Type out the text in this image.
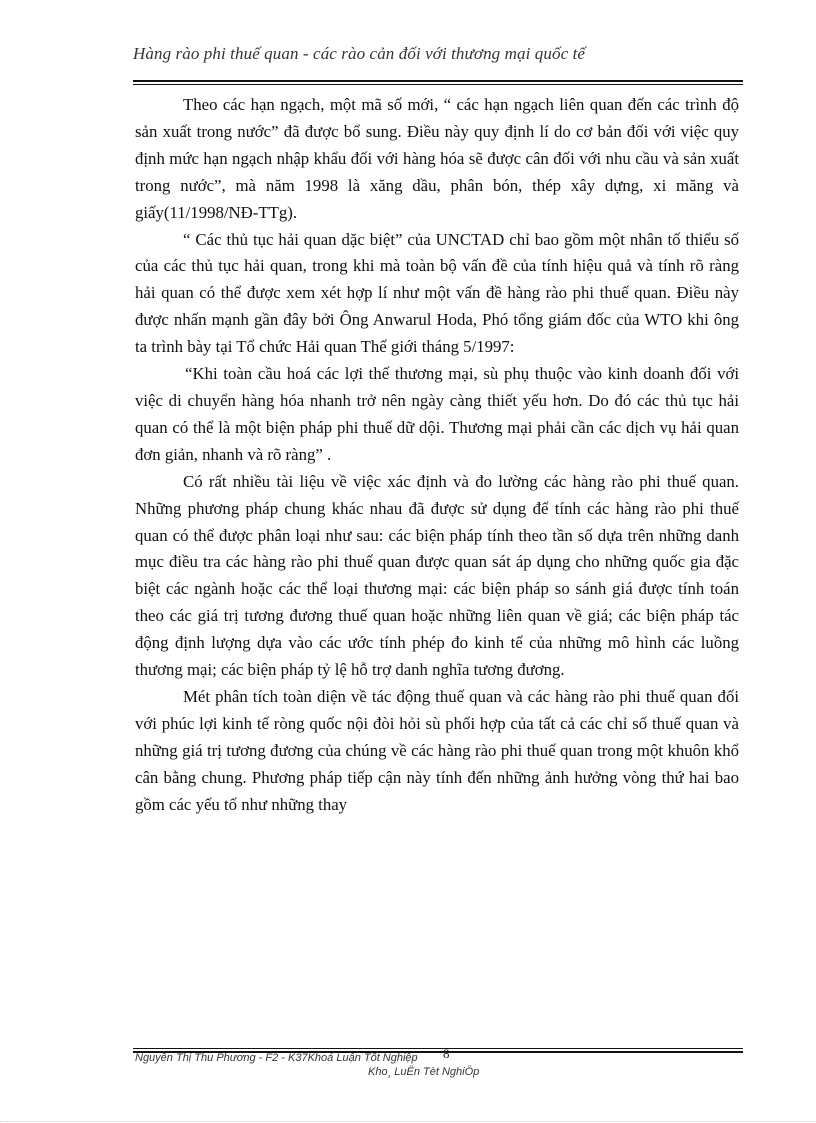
Hàng rào phi thuế quan - các rào cản đối với thương mại quốc tế

Theo các hạn ngạch, một mã số mới, “ các hạn ngạch liên quan đến các trình độ sản xuất trong nước” đã được bổ sung. Điều này quy định lí do cơ bản đối với việc quy định mức hạn ngạch nhập khẩu đối với hàng hóa sẽ được cân đối với nhu cầu và sản xuất trong nước”, mà năm 1998 là xăng dầu, phân bón, thép xây dựng, xi măng và giấy(11/1998/NĐ-TTg).

“ Các thủ tục hải quan dặc biệt” của UNCTAD chỉ bao gồm một nhân tố thiểu số của các thủ tục hải quan, trong khi mà toàn bộ vấn đề của tính hiệu quả và tính rõ ràng hải quan có thể được xem xét hợp lí như một vấn đề hàng rào phi thuế quan. Điều này được nhấn mạnh gần đây bởi Ông Anwarul Hoda, Phó tổng giám đốc của WTO khi ông ta trình bày tại Tổ chức Hải quan Thế giới tháng 5/1997:

“Khi toàn cầu hoá các lợi thế thương mại, sù phụ thuộc vào kinh doanh đối với việc di chuyển hàng hóa nhanh trở nên ngày càng thiết yếu hơn. Do đó các thủ tục hải quan có thể là một biện pháp phi thuế dữ dội. Thương mại phải cần các dịch vụ hải quan đơn giản, nhanh và rõ ràng” .

Có rất nhiều tài liệu về việc xác định và đo lường các hàng rào phi thuế quan. Những phương pháp chung khác nhau đã được sử dụng để tính các hàng rào phi thuế quan có thể được phân loại như sau: các biện pháp tính theo tần số dựa trên những danh mục điều tra các hàng rào phi thuế quan được quan sát áp dụng cho những quốc gia đặc biệt các ngành hoặc các thể loại thương mại: các biện pháp so sánh giá được tính toán theo các giá trị tương đương thuế quan hoặc những liên quan về giá; các biện pháp tác động định lượng dựa vào các ước tính phép đo kinh tế của những mô hình các luồng thương mại; các biện pháp tỷ lệ hỗ trợ danh nghĩa tương đương.

Mét phân tích toàn diện về tác động thuế quan và các hàng rào phi thuế quan đối với phúc lợi kinh tế ròng quốc nội đòi hỏi sù phối hợp của tất cả các chỉ số thuế quan và những giá trị tương đương của chúng về các hàng rào phi thuế quan trong một khuôn khổ cân bằng chung. Phương pháp tiếp cận này tính đến những ảnh hưởng vòng thứ hai bao gồm các yếu tố như những thay

Nguyễn Thị Thu Phương - F2 - K37Khoá Luận Tốt Nghiệp 8
Kho¸ LuËn Tèt NghiÖp
